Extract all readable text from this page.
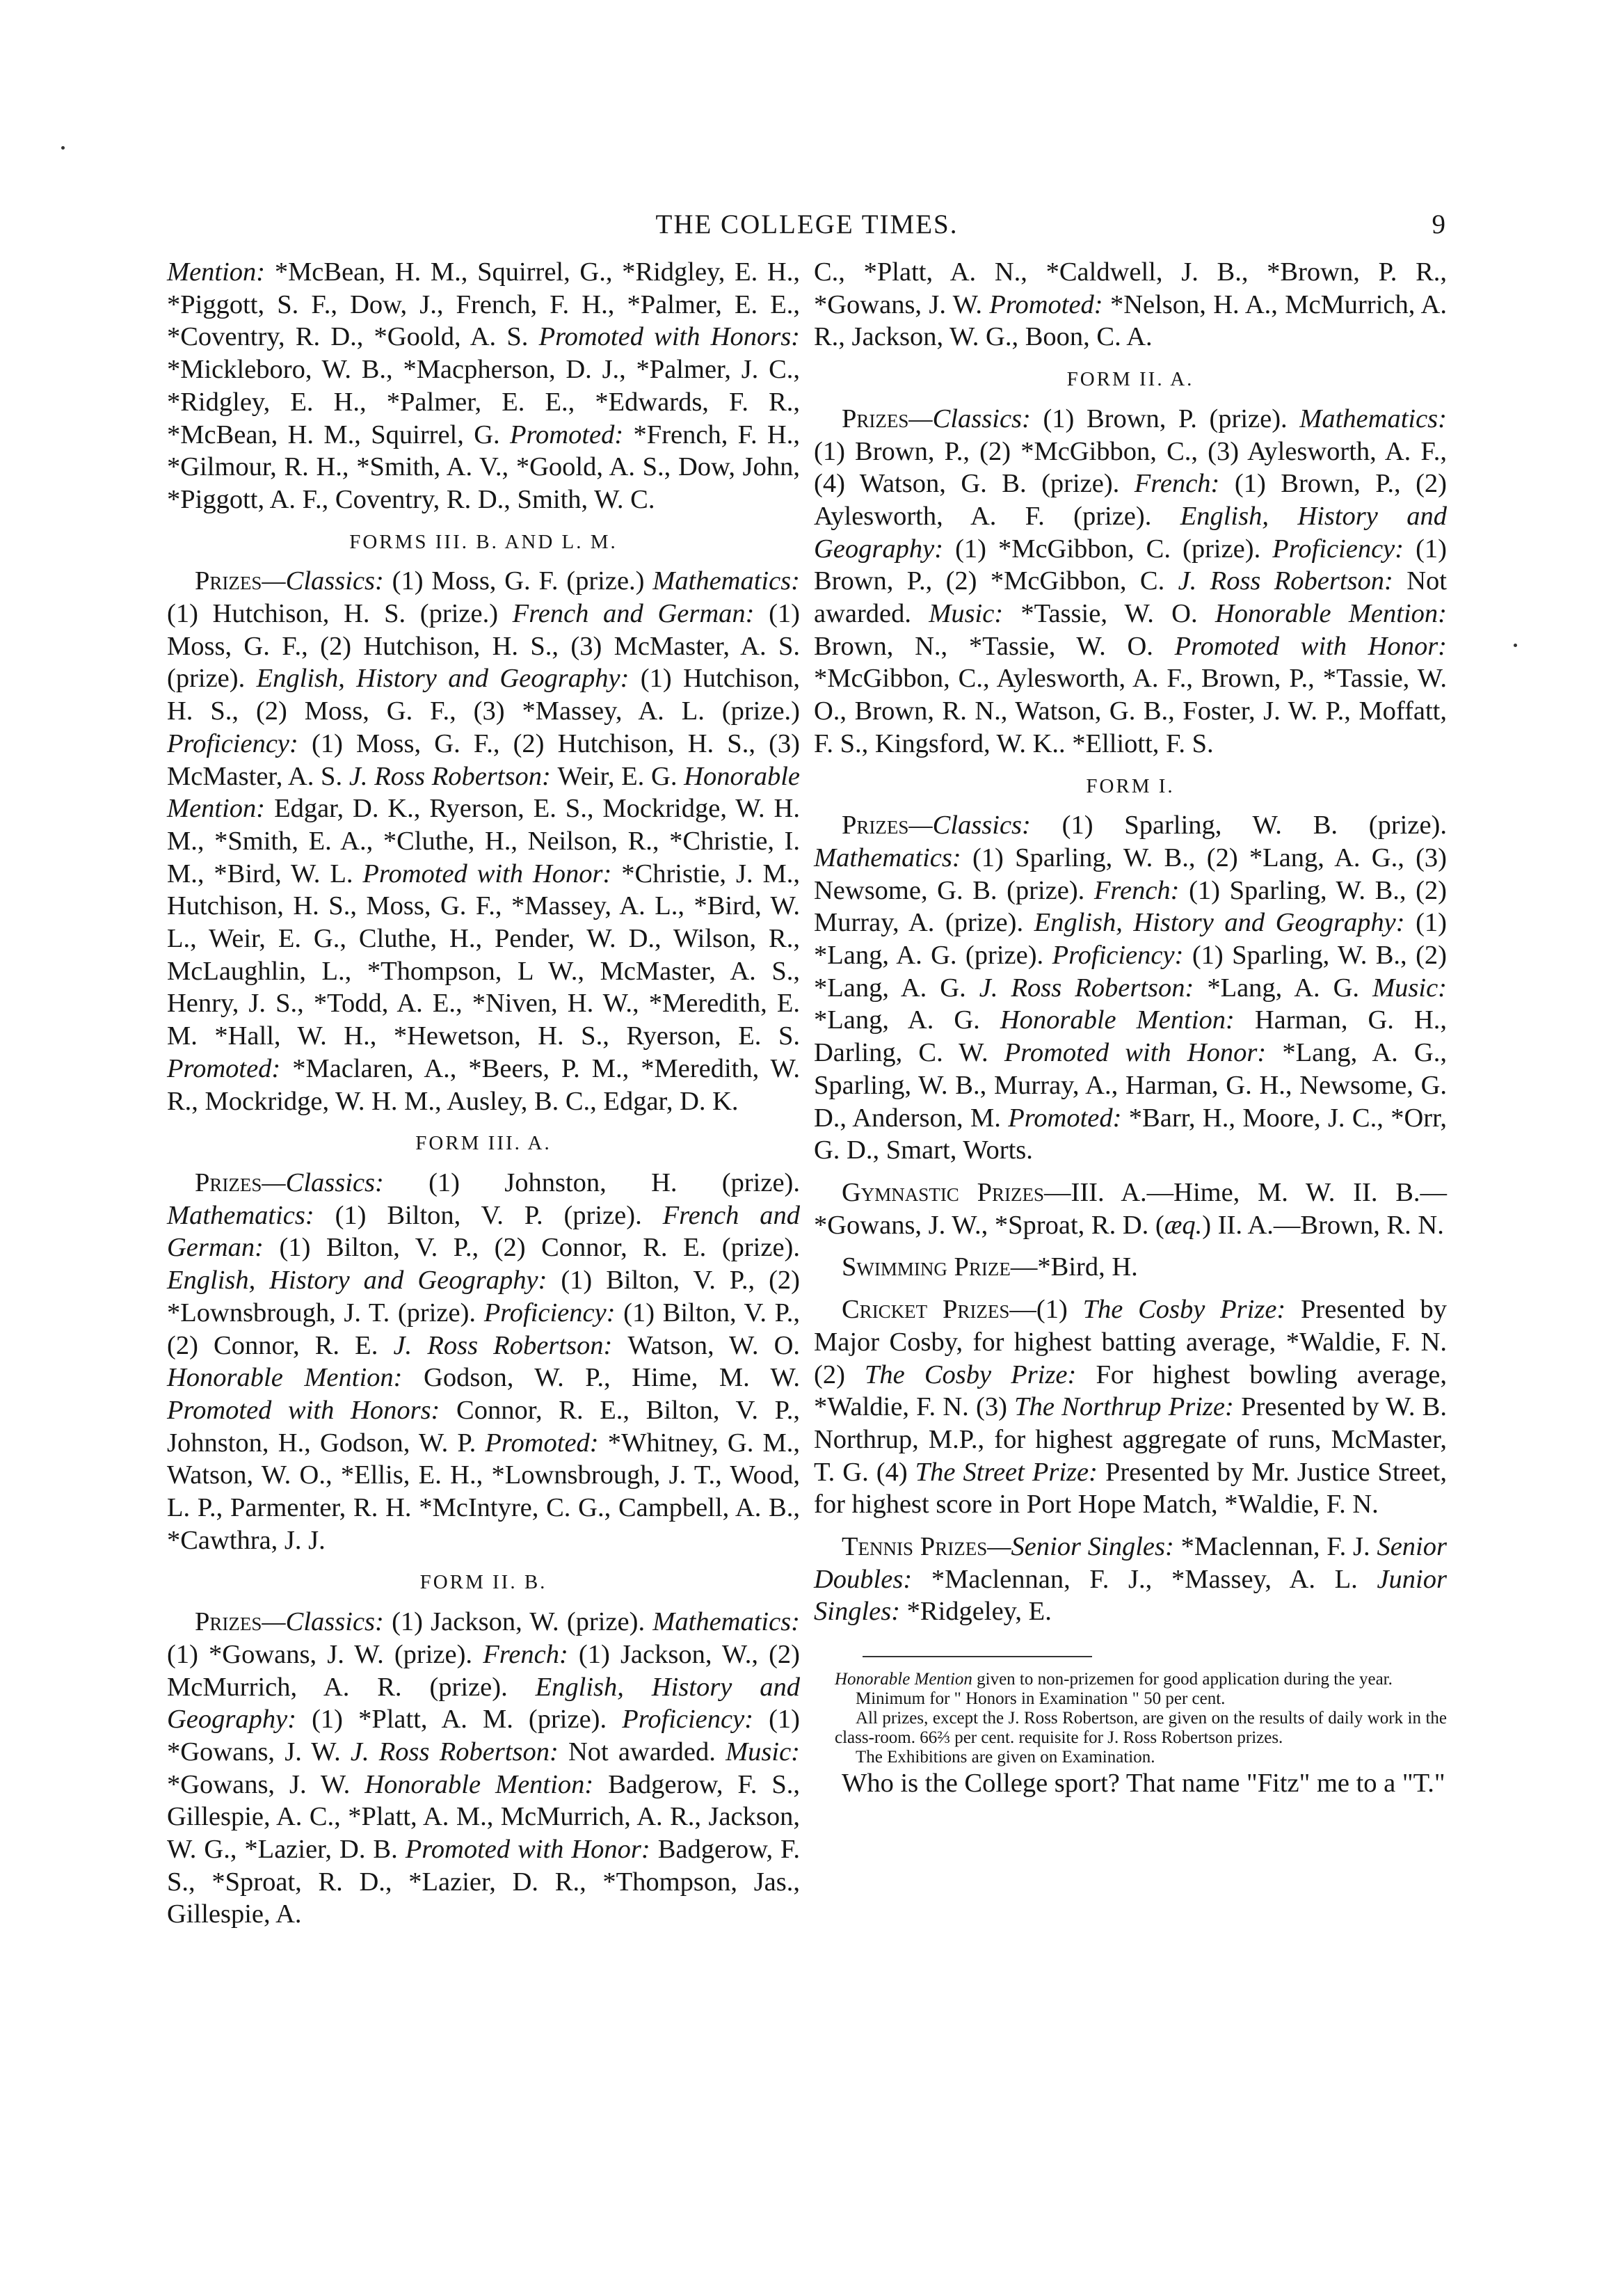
THE COLLEGE TIMES.	9

Mention: *McBean, H. M., Squirrel, G., *Ridgley, E. H., *Piggott, S. F., Dow, J., French, F. H., *Palmer, E. E., *Coventry, R. D., *Goold, A. S. Promoted with Honors: *Mickleboro, W. B., *Macpherson, D. J., *Palmer, J. C., *Ridgley, E. H., *Palmer, E. E., *Edwards, F. R., *McBean, H. M., Squirrel, G. Promoted: *French, F. H., *Gilmour, R. H., *Smith, A. V., *Goold, A. S., Dow, John, *Piggott, A. F., Coventry, R. D., Smith, W. C.

FORMS III. B. AND L. M.

Prizes—Classics: (1) Moss, G. F. (prize.) Mathematics: (1) Hutchison, H. S. (prize.) French and German: (1) Moss, G. F., (2) Hutchison, H. S., (3) McMaster, A. S. (prize). English, History and Geography: (1) Hutchison, H. S., (2) Moss, G. F., (3) *Massey, A. L. (prize.) Proficiency: (1) Moss, G. F., (2) Hutchison, H. S., (3) McMaster, A. S. J. Ross Robertson: Weir, E. G. Honorable Mention: Edgar, D. K., Ryerson, E. S., Mockridge, W. H. M., *Smith, E. A., *Cluthe, H., Neilson, R., *Christie, I. M., *Bird, W. L. Promoted with Honor: *Christie, J. M., Hutchison, H. S., Moss, G. F., *Massey, A. L., *Bird, W. L., Weir, E. G., Cluthe, H., Pender, W. D., Wilson, R., McLaughlin, L., *Thompson, L W., McMaster, A. S., Henry, J. S., *Todd, A. E., *Niven, H. W., *Meredith, E. M. *Hall, W. H., *Hewetson, H. S., Ryerson, E. S. Promoted: *Maclaren, A., *Beers, P. M., *Meredith, W. R., Mockridge, W. H. M., Ausley, B. C., Edgar, D. K.

FORM III. A.

Prizes—Classics: (1) Johnston, H. (prize). Mathematics: (1) Bilton, V. P. (prize). French and German: (1) Bilton, V. P., (2) Connor, R. E. (prize). English, History and Geography: (1) Bilton, V. P., (2) *Lownsbrough, J. T. (prize). Proficiency: (1) Bilton, V. P., (2) Connor, R. E. J. Ross Robertson: Watson, W. O. Honorable Mention: Godson, W. P., Hime, M. W. Promoted with Honors: Connor, R. E., Bilton, V. P., Johnston, H., Godson, W. P. Promoted: *Whitney, G. M., Watson, W. O., *Ellis, E. H., *Lownsbrough, J. T., Wood, L. P., Parmenter, R. H. *McIntyre, C. G., Campbell, A. B., *Cawthra, J. J.

FORM II. B.

Prizes—Classics: (1) Jackson, W. (prize). Mathematics: (1) *Gowans, J. W. (prize). French: (1) Jackson, W., (2) McMurrich, A. R. (prize). English, History and Geography: (1) *Platt, A. M. (prize). Proficiency: (1) *Gowans, J. W. J. Ross Robertson: Not awarded. Music: *Gowans, J. W. Honorable Mention: Badgerow, F. S., Gillespie, A. C., *Platt, A. M., McMurrich, A. R., Jackson, W. G., *Lazier, D. B. Promoted with Honor: Badgerow, F. S., *Sproat, R. D., *Lazier, D. R., *Thompson, Jas., Gillespie, A.

C., *Platt, A. N., *Caldwell, J. B., *Brown, P. R., *Gowans, J. W. Promoted: *Nelson, H. A., McMurrich, A. R., Jackson, W. G., Boon, C. A.

FORM II. A.

Prizes—Classics: (1) Brown, P. (prize). Mathematics: (1) Brown, P., (2) *McGibbon, C., (3) Aylesworth, A. F., (4) Watson, G. B. (prize). French: (1) Brown, P., (2) Aylesworth, A. F. (prize). English, History and Geography: (1) *McGibbon, C. (prize). Proficiency: (1) Brown, P., (2) *McGibbon, C. J. Ross Robertson: Not awarded. Music: *Tassie, W. O. Honorable Mention: Brown, N., *Tassie, W. O. Promoted with Honor: *McGibbon, C., Aylesworth, A. F., Brown, P., *Tassie, W. O., Brown, R. N., Watson, G. B., Foster, J. W. P., Moffatt, F. S., Kingsford, W. K.. *Elliott, F. S.

FORM I.

Prizes—Classics: (1) Sparling, W. B. (prize). Mathematics: (1) Sparling, W. B., (2) *Lang, A. G., (3) Newsome, G. B. (prize). French: (1) Sparling, W. B., (2) Murray, A. (prize). English, History and Geography: (1) *Lang, A. G. (prize). Proficiency: (1) Sparling, W. B., (2) *Lang, A. G. J. Ross Robertson: *Lang, A. G. Music: *Lang, A. G. Honorable Mention: Harman, G. H., Darling, C. W. Promoted with Honor: *Lang, A. G., Sparling, W. B., Murray, A., Harman, G. H., Newsome, G. D., Anderson, M. Promoted: *Barr, H., Moore, J. C., *Orr, G. D., Smart, Worts.

Gymnastic Prizes—III. A.—Hime, M. W. II. B.—*Gowans, J. W., *Sproat, R. D. (æq.) II. A.—Brown, R. N.

Swimming Prize—*Bird, H.

Cricket Prizes—(1) The Cosby Prize: Presented by Major Cosby, for highest batting average, *Waldie, F. N. (2) The Cosby Prize: For highest bowling average, *Waldie, F. N. (3) The Northrup Prize: Presented by W. B. Northrup, M.P., for highest aggregate of runs, McMaster, T. G. (4) The Street Prize: Presented by Mr. Justice Street, for highest score in Port Hope Match, *Waldie, F. N.

Tennis Prizes—Senior Singles: *Maclennan, F. J. Senior Doubles: *Maclennan, F. J., *Massey, A. L. Junior Singles: *Ridgeley, E.

Honorable Mention given to non-prizemen for good application during the year.

Minimum for " Honors in Examination " 50 per cent.

All prizes, except the J. Ross Robertson, are given on the results of daily work in the class-room. 66⅔ per cent. requisite for J. Ross Robertson prizes.

The Exhibitions are given on Examination.

Who is the College sport? That name "Fitz" me to a "T."
